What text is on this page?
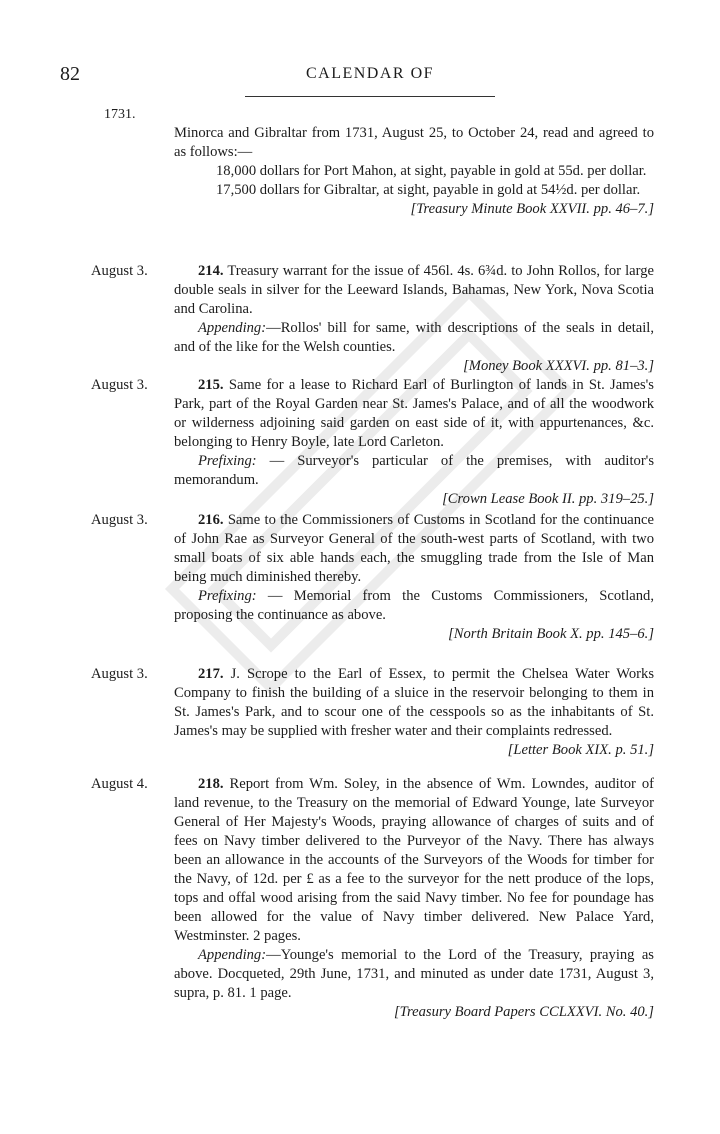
82	CALENDAR OF
1731.

Minorca and Gibraltar from 1731, August 25, to October 24, read and agreed to as follows:—

18,000 dollars for Port Mahon, at sight, payable in gold at 55d. per dollar.

17,500 dollars for Gibraltar, at sight, payable in gold at 54½d. per dollar.

[Treasury Minute Book XXVII. pp. 46–7.]

August 3.	214. Treasury warrant for the issue of 456l. 4s. 6¾d. to John Rollos, for large double seals in silver for the Leeward Islands, Bahamas, New York, Nova Scotia and Carolina.

Appending:—Rollos' bill for same, with descriptions of the seals in detail, and of the like for the Welsh counties.

[Money Book XXXVI. pp. 81–3.]

August 3.	215. Same for a lease to Richard Earl of Burlington of lands in St. James's Park, part of the Royal Garden near St. James's Palace, and of all the woodwork or wilderness adjoining said garden on east side of it, with appurtenances, &c. belonging to Henry Boyle, late Lord Carleton.

Prefixing: — Surveyor's particular of the premises, with auditor's memorandum.

[Crown Lease Book II. pp. 319–25.]

August 3.	216. Same to the Commissioners of Customs in Scotland for the continuance of John Rae as Surveyor General of the south-west parts of Scotland, with two small boats of six able hands each, the smuggling trade from the Isle of Man being much diminished thereby.

Prefixing: — Memorial from the Customs Commissioners, Scotland, proposing the continuance as above.

[North Britain Book X. pp. 145–6.]

August 3.	217. J. Scrope to the Earl of Essex, to permit the Chelsea Water Works Company to finish the building of a sluice in the reservoir belonging to them in St. James's Park, and to scour one of the cesspools so as the inhabitants of St. James's may be supplied with fresher water and their complaints redressed.

[Letter Book XIX. p. 51.]

August 4.	218. Report from Wm. Soley, in the absence of Wm. Lowndes, auditor of land revenue, to the Treasury on the memorial of Edward Younge, late Surveyor General of Her Majesty's Woods, praying allowance of charges of suits and of fees on Navy timber delivered to the Purveyor of the Navy. There has always been an allowance in the accounts of the Surveyors of the Woods for timber for the Navy, of 12d. per £ as a fee to the surveyor for the nett produce of the lops, tops and offal wood arising from the said Navy timber. No fee for poundage has been allowed for the value of Navy timber delivered. New Palace Yard, Westminster. 2 pages.

Appending:—Younge's memorial to the Lord of the Treasury, praying as above. Docqueted, 29th June, 1731, and minuted as under date 1731, August 3, supra, p. 81. 1 page.

[Treasury Board Papers CCLXXVI. No. 40.]
